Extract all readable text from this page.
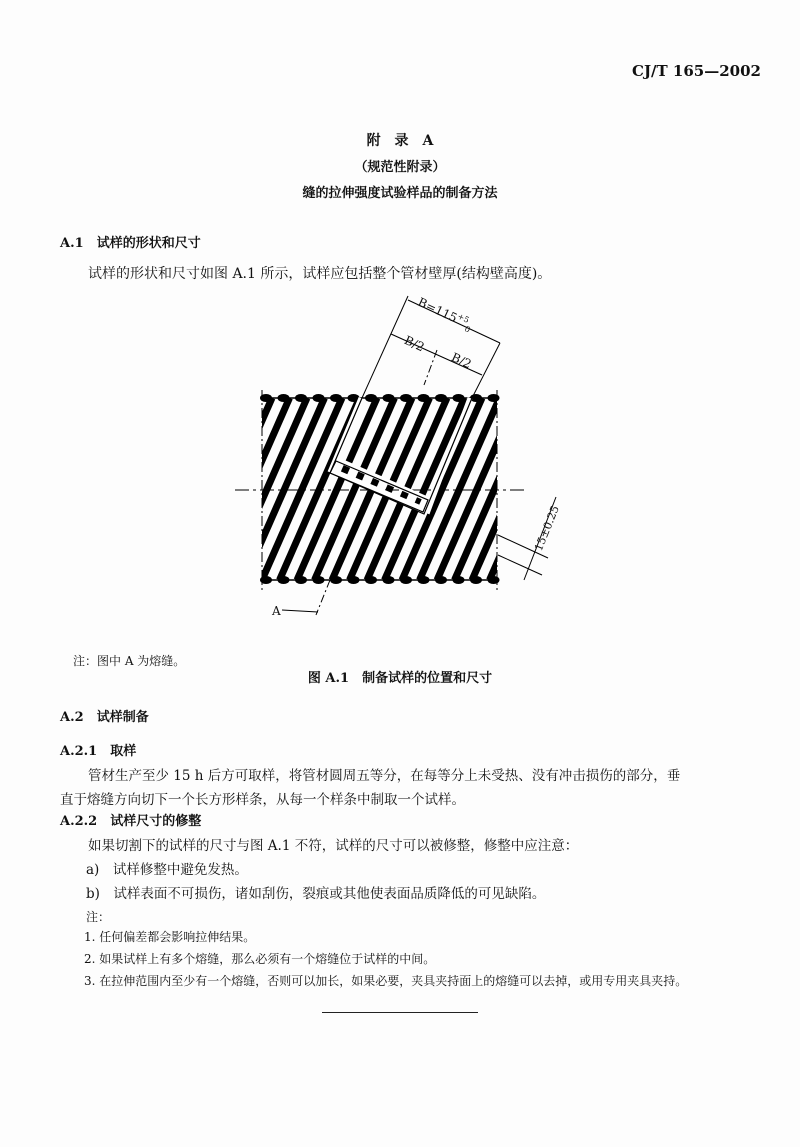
CJ/T 165—2002
附　录　A
（规范性附录）
缝的拉伸强度试验样品的制备方法
A.1　 试样的形状和尺寸
试样的形状和尺寸如图 A.1 所示，试样应包括整个管材壁厚(结构壁高度)。
$B=115^{+5}_0$
B/2
B/2
15±0.25
A
注：图中 A 为熔缝。
图 A.1　制备试样的位置和尺寸
A.2　 试样制备
A.2.1　 取样
管材生产至少 15 h 后方可取样，将管材圆周五等分，在每等分上未受热、没有冲击损伤的部分，垂
直于熔缝方向切下一个长方形样条，从每一个样条中制取一个试样。
A.2.2　 试样尺寸的修整
如果切割下的试样的尺寸与图 A.1 不符，试样的尺寸可以被修整，修整中应注意：
a)　试样修整中避免发热。
b)　试样表面不可损伤，诸如刮伤，裂痕或其他使表面品质降低的可见缺陷。
注：
1. 任何偏差都会影响拉伸结果。
2. 如果试样上有多个熔缝，那么必须有一个熔缝位于试样的中间。
3. 在拉伸范围内至少有一个熔缝，否则可以加长，如果必要，夹具夹持面上的熔缝可以去掉，或用专用夹具夹持。
